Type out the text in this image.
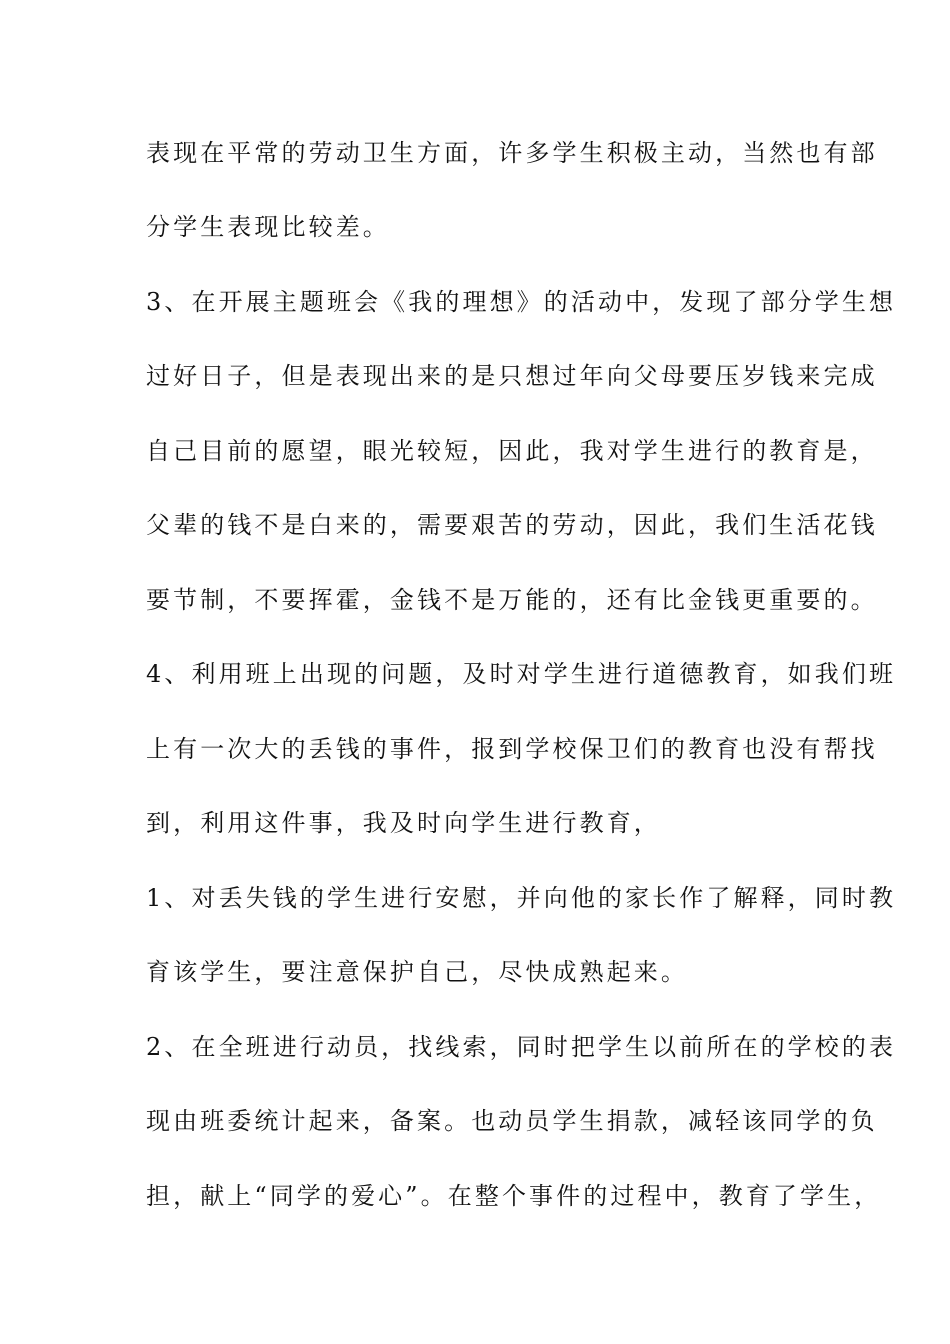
表现在平常的劳动卫生方面，许多学生积极主动，当然也有部
分学生表现比较差。
3、在开展主题班会《我的理想》的活动中，发现了部分学生想
过好日子，但是表现出来的是只想过年向父母要压岁钱来完成
自己目前的愿望，眼光较短，因此，我对学生进行的教育是，
父辈的钱不是白来的，需要艰苦的劳动，因此，我们生活花钱
要节制，不要挥霍，金钱不是万能的，还有比金钱更重要的。
4、利用班上出现的问题，及时对学生进行道德教育，如我们班
上有一次大的丢钱的事件，报到学校保卫们的教育也没有帮找
到，利用这件事，我及时向学生进行教育，
1、对丢失钱的学生进行安慰，并向他的家长作了解释，同时教
育该学生，要注意保护自己，尽快成熟起来。
2、在全班进行动员，找线索，同时把学生以前所在的学校的表
现由班委统计起来，备案。也动员学生捐款，减轻该同学的负
担，献上“同学的爱心”。在整个事件的过程中，教育了学生，
